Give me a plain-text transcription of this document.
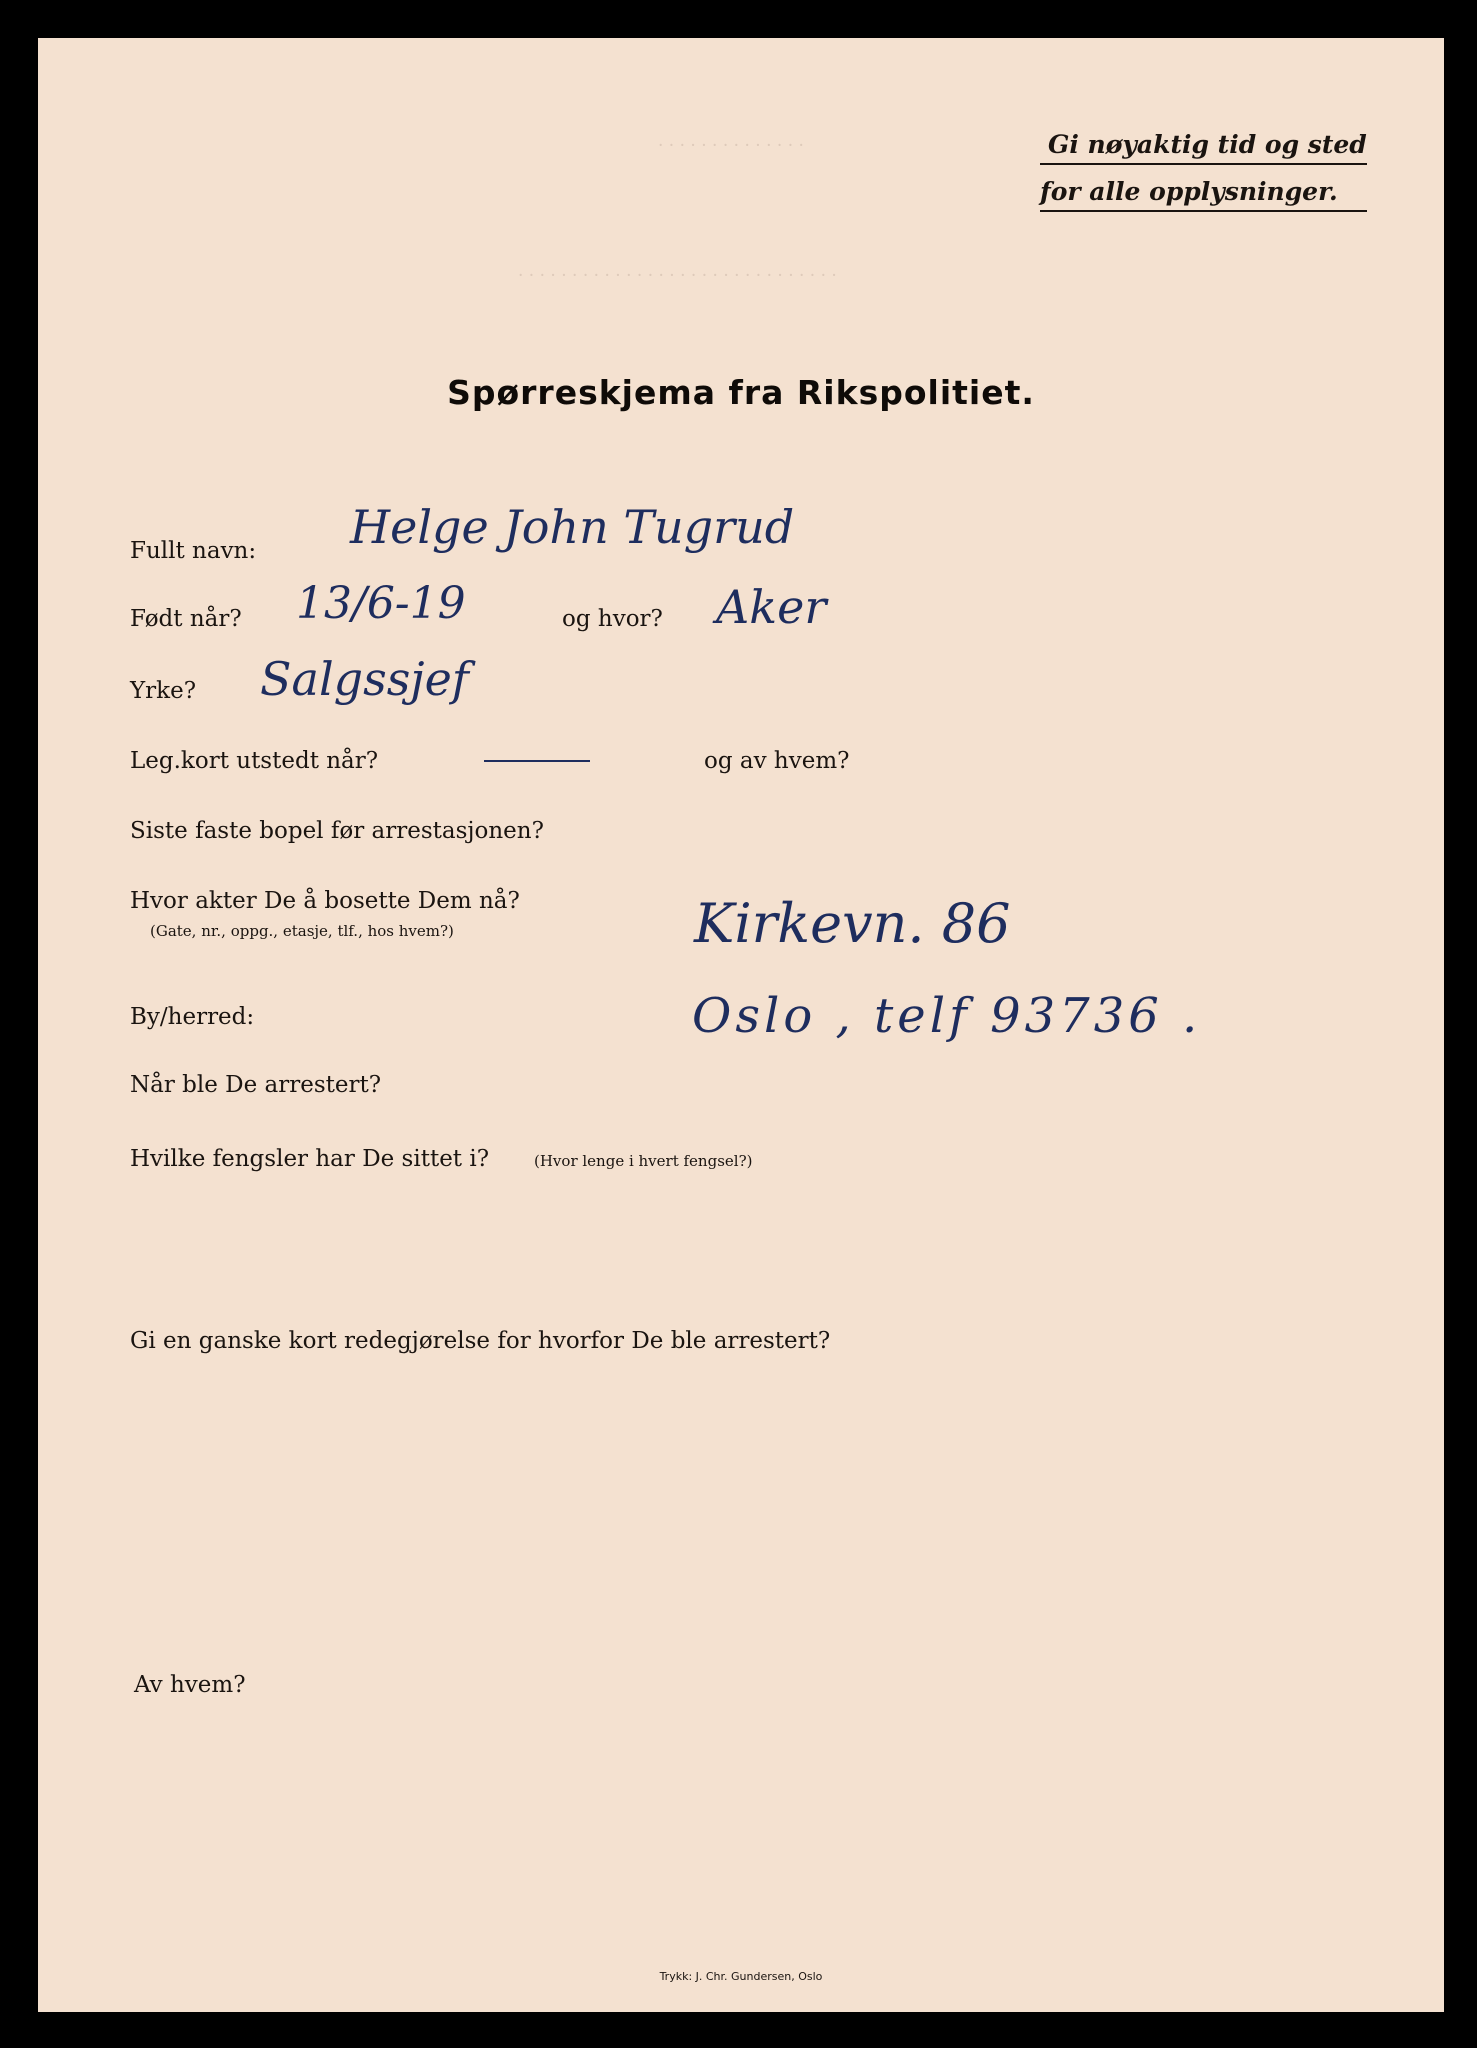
· · · · · · · · · · · · · ·
· · · · · · · · · · · · · · · · · · · · · · · · · · · · · ·
Gi nøyaktig tid og sted
for alle opplysninger.
Spørreskjema fra Rikspolitiet.
Fullt navn: Helge John Tugrud
Født når? 13/6-19	og hvor? Aker
Yrke? Salgssjef
Leg.kort utstedt når?	og av hvem?
Siste faste bopel før arrestasjonen?
Hvor akter De å bosette Dem nå?
(Gate, nr., oppg., etasje, tlf., hos hvem?)	Kirkevn. 86
By/herred:	Oslo , telf 93736 .
Når ble De arrestert?
Hvilke fengsler har De sittet i?	(Hvor lenge i hvert fengsel?)
Gi en ganske kort redegjørelse for hvorfor De ble arrestert?
Av hvem?
Trykk: J. Chr. Gundersen, Oslo
